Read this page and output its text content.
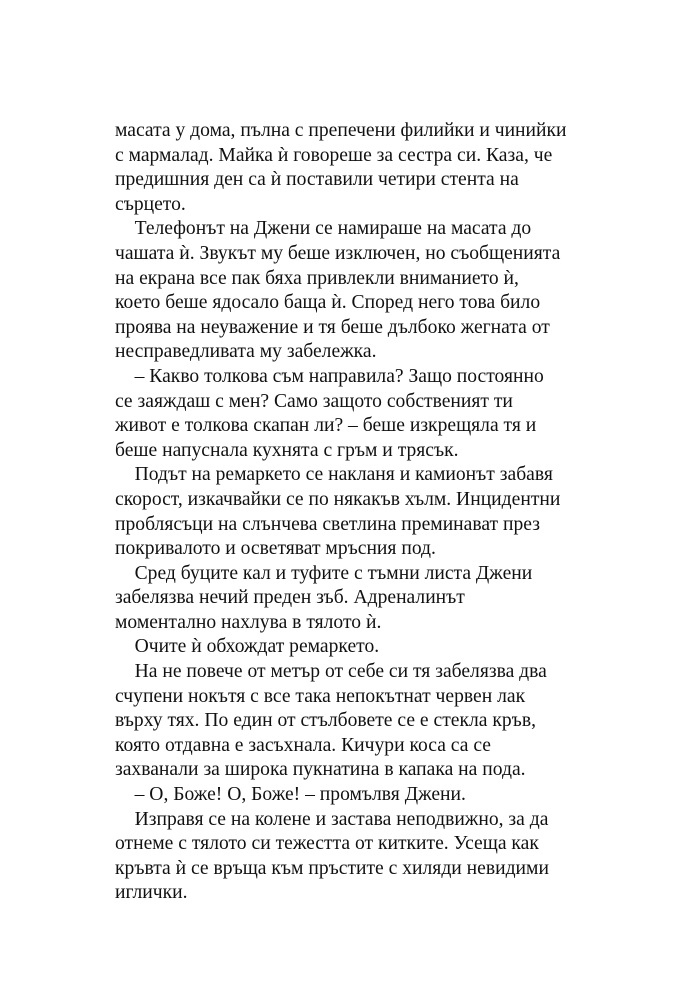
масата у дома, пълна с препечени филийки и чинийки
с мармалад. Майка ѝ говореше за сестра си. Каза, че
предишния ден са ѝ поставили четири стента на
сърцето.
Телефонът на Джени се намираше на масата до
чашата ѝ. Звукът му беше изключен, но съобщенията
на екрана все пак бяха привлекли вниманието ѝ,
което беше ядосало баща ѝ. Според него това било
проява на неуважение и тя беше дълбоко жегната от
несправедливата му забележка.
– Какво толкова съм направила? Защо постоянно
се заяждаш с мен? Само защото собственият ти
живот е толкова скапан ли? – беше изкрещяла тя и
беше напуснала кухнята с гръм и трясък.
Подът на ремаркето се накланя и камионът забавя
скорост, изкачвайки се по някакъв хълм. Инцидентни
проблясъци на слънчева светлина преминават през
покривалото и осветяват мръсния под.
Сред буците кал и туфите с тъмни листа Джени
забелязва нечий преден зъб. Адреналинът
моментално нахлува в тялото ѝ.
Очите ѝ обхождат ремаркето.
На не повече от метър от себе си тя забелязва два
счупени нокътя с все така непокътнат червен лак
върху тях. По един от стълбовете се е стекла кръв,
която отдавна е засъхнала. Кичури коса са се
захванали за широка пукнатина в капака на пода.
– О, Боже! О, Боже! – промълвя Джени.
Изправя се на колене и застава неподвижно, за да
отнеме с тялото си тежестта от китките. Усеща как
кръвта ѝ се връща към пръстите с хиляди невидими
иглички.
